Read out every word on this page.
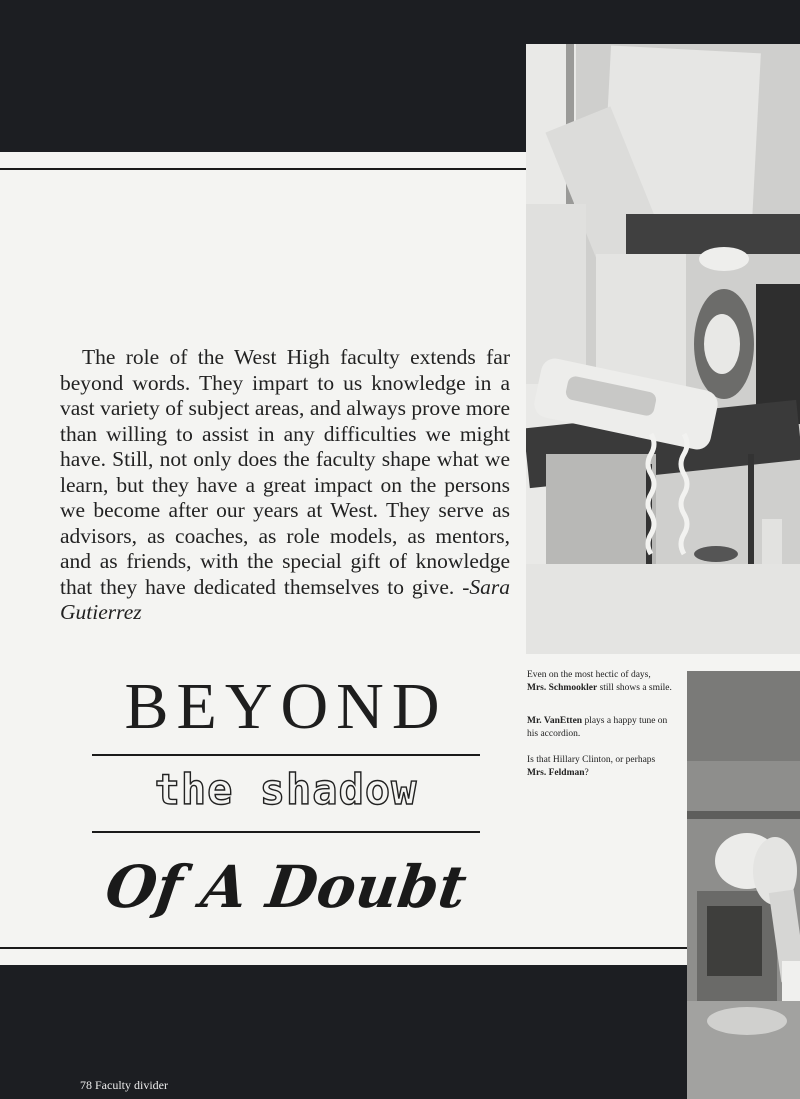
The role of the West High faculty extends far beyond words. They impart to us knowledge in a vast variety of subject areas, and always prove more than willing to assist in any difficulties we might have. Still, not only does the faculty shape what we learn, but they have a great impact on the persons we become after our years at West. They serve as advisors, as coaches, as role models, as mentors, and as friends, with the special gift of knowledge that they have dedicated themselves to give. -Sara Gutierrez

BEYOND
the shadow
Of A Doubt
Even on the most hectic of days, Mrs. Schmookler still shows a smile.
Mr. VanEtten plays a happy tune on his accordion.
Is that Hillary Clinton, or perhaps Mrs. Feldman?
78 Faculty divider
